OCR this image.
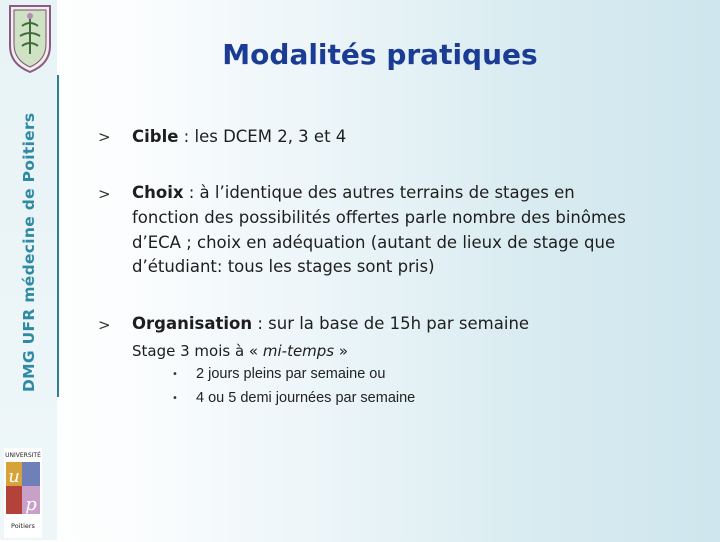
DMG UFR médecine de Poitiers
UNIVERSITÉ
u
p
Poitiers
Modalités pratiques
> Cible : les DCEM 2, 3 et 4
> Choix : à l’identique des autres terrains de stages en
fonction des possibilités offertes parle nombre des binômes
d’ECA ; choix en adéquation (autant de lieux de stage que
d’étudiant: tous les stages sont pris)
> Organisation : sur la base de 15h par semaine
Stage 3 mois à « mi-temps »
• 2 jours pleins par semaine ou
• 4 ou 5 demi journées par semaine
